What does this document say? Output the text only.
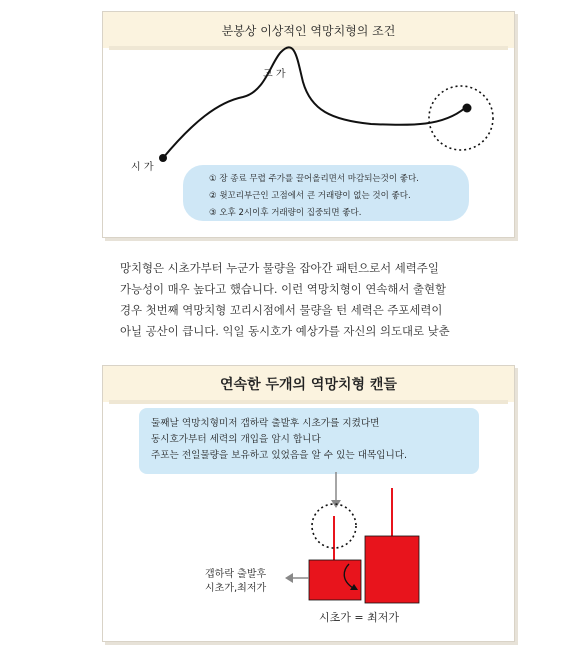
분봉상 이상적인 역망치형의 조건
시 가
고 가
① 장 종료 무렵 주가를 끌어올리면서 마감되는것이 좋다.
② 윗꼬리부근인 고점에서 큰 거래량이 없는 것이 좋다.
③ 오후 2시이후 거래량이 집중되면 좋다.
망치형은 시초가부터 누군가 물량을 잡아간 패턴으로서 세력주일
가능성이 매우 높다고 했습니다. 이런 역망치형이 연속해서 출현할
경우 첫번째 역망치형 꼬리시점에서 물량을 턴 세력은 주포세력이
아닐 공산이 큽니다. 익일 동시호가 예상가를 자신의 의도대로 낮춘
연속한 두개의 역망치형 캔들
둘째날 역망치형미저 갭하락 출발후 시초가를 지켰다면
동시호가부터 세력의 개입을 암시 합니다
주포는 전일물량을 보유하고 있었음을 알 수 있는 대목입니다.
갭하락 출발후
시초가,최저가
시초가 = 최저가
